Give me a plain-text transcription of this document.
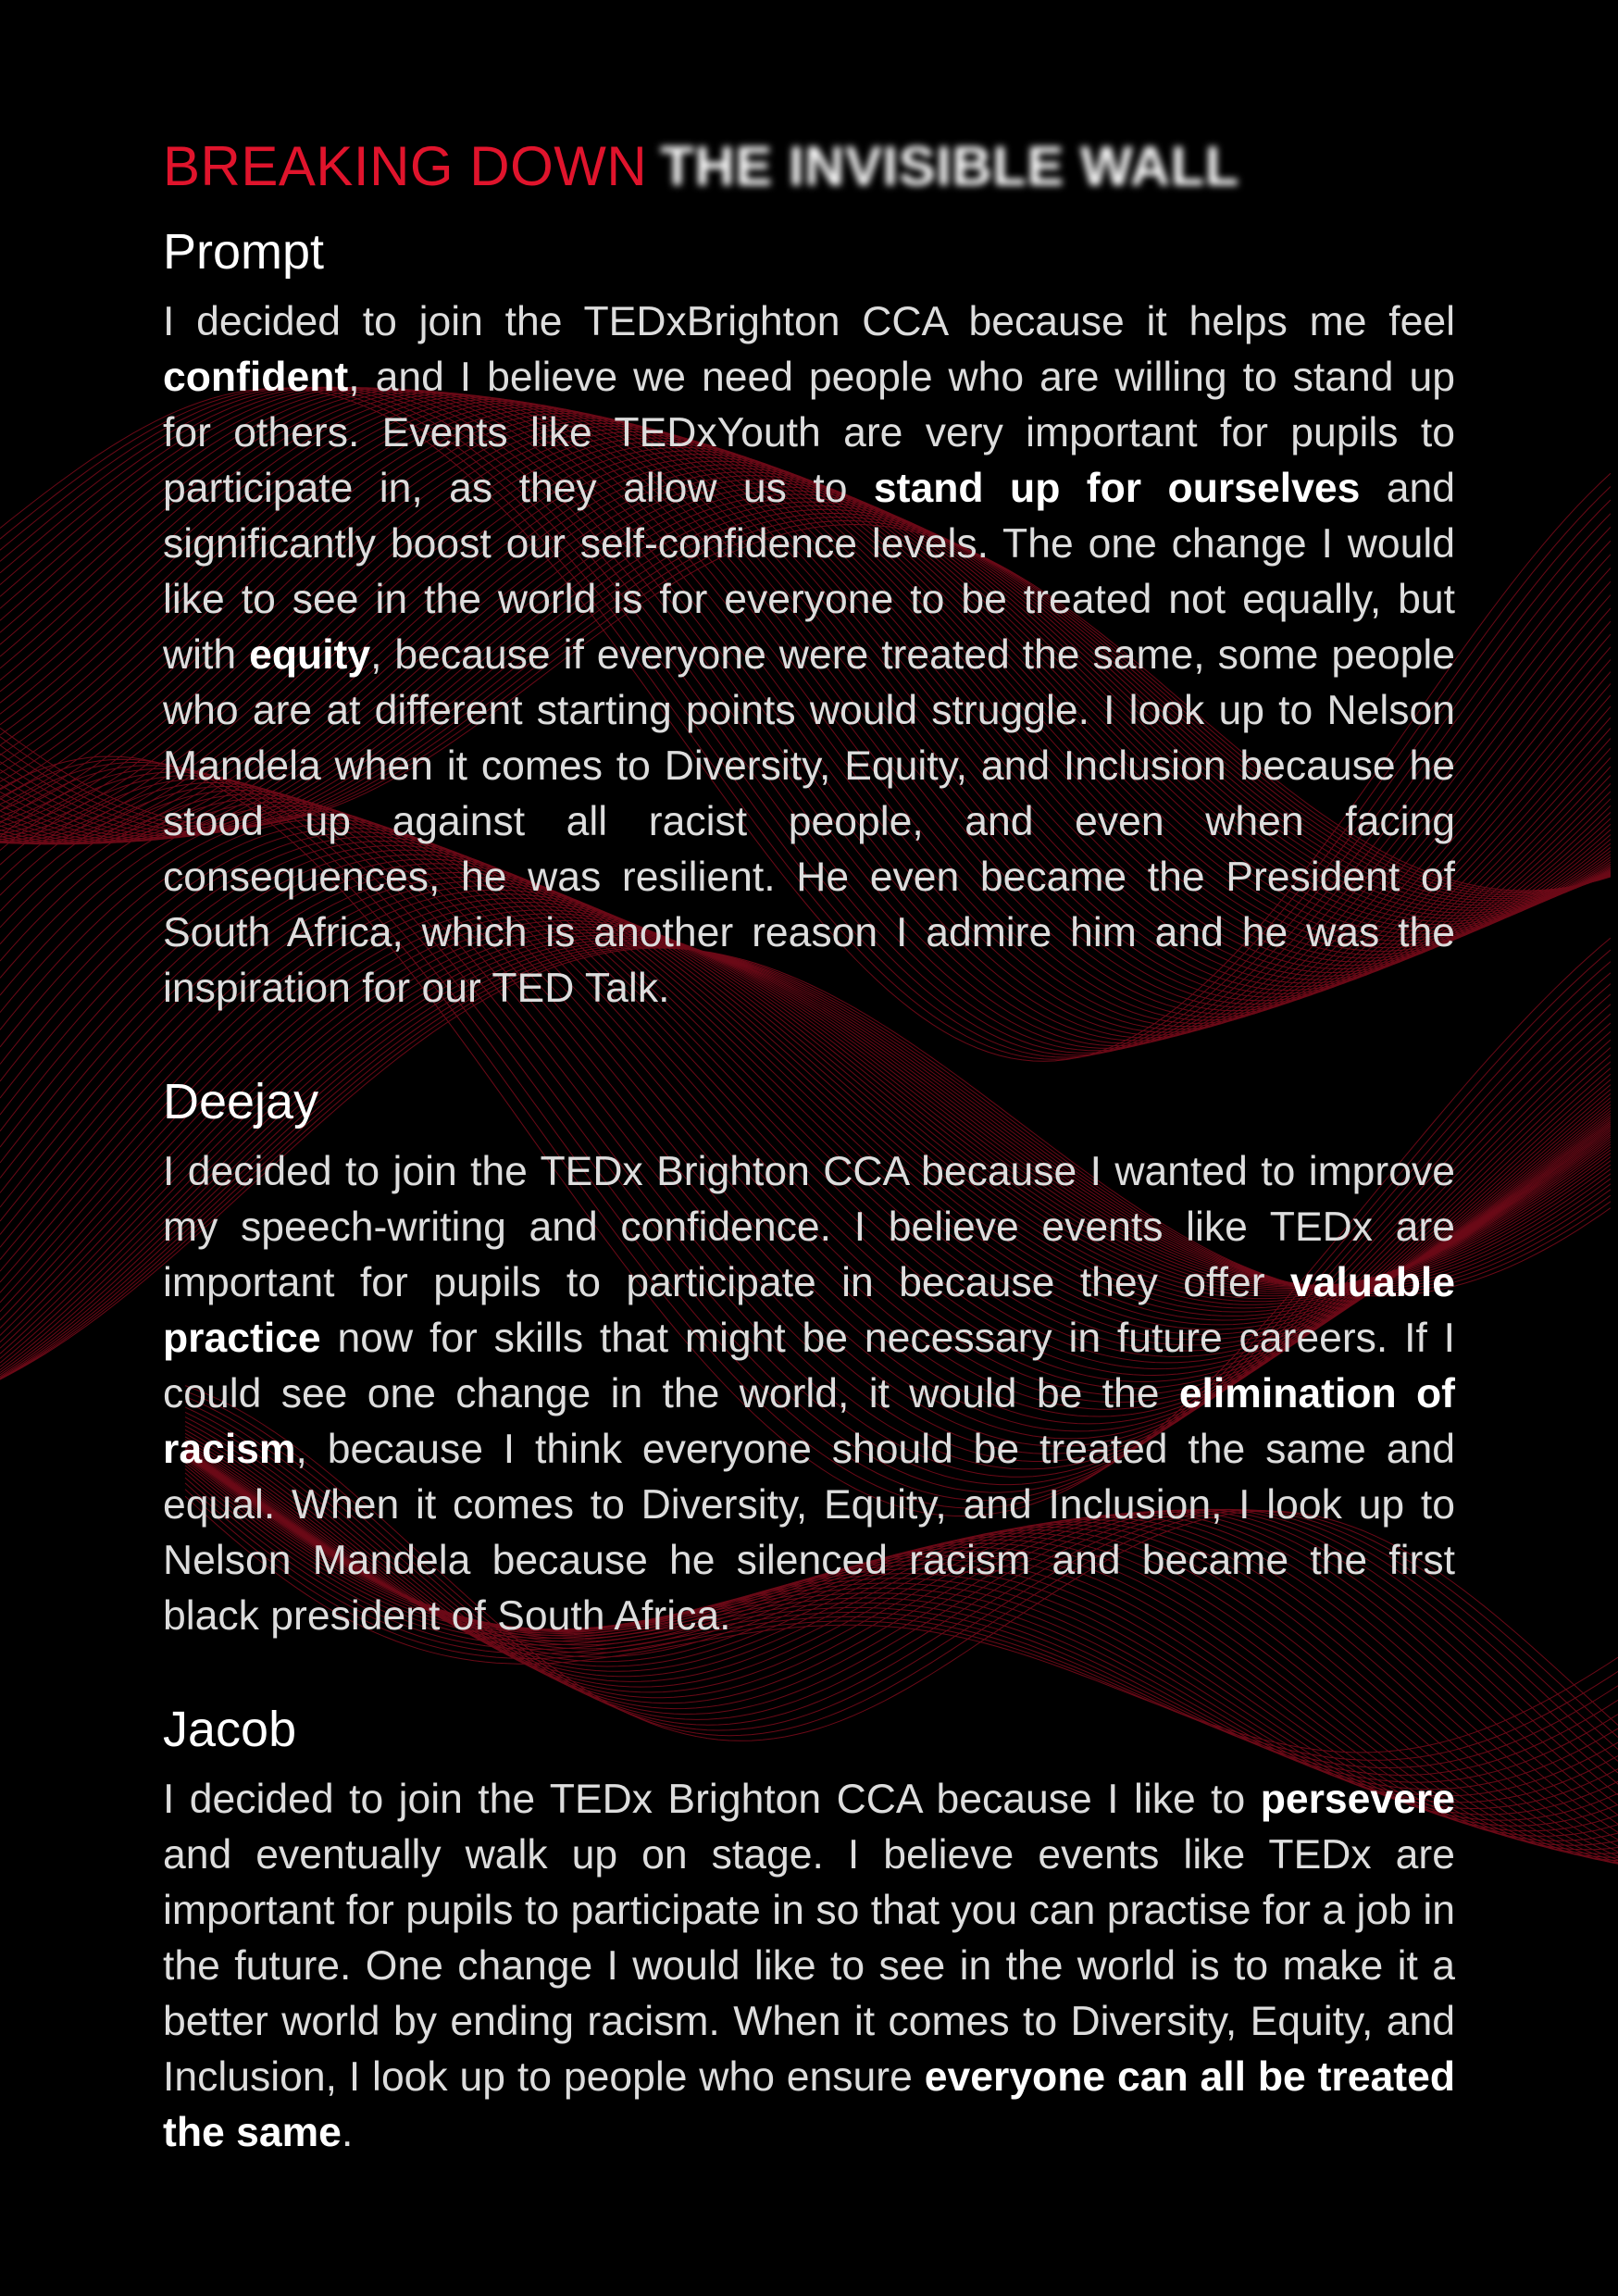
BREAKING DOWN THE INVISIBLE WALL
Prompt

I decided to join the TEDxBrighton CCA because it helps me feel confident, and I believe we need people who are willing to stand up for others. Events like TEDxYouth are very important for pupils to participate in, as they allow us to stand up for ourselves and significantly boost our self-confidence levels. The one change I would like to see in the world is for everyone to be treated not equally, but with equity, because if everyone were treated the same, some people who are at different starting points would struggle. I look up to Nelson Mandela when it comes to Diversity, Equity, and Inclusion because he stood up against all racist people, and even when facing consequences, he was resilient. He even became the President of South Africa, which is another reason I admire him and he was the inspiration for our TED Talk.

Deejay

I decided to join the TEDx Brighton CCA because I wanted to improve my speech-writing and confidence. I believe events like TEDx are important for pupils to participate in because they offer valuable practice now for skills that might be necessary in future careers. If I could see one change in the world, it would be the elimination of racism, because I think everyone should be treated the same and equal. When it comes to Diversity, Equity, and Inclusion, I look up to Nelson Mandela because he silenced racism and became the first black president of South Africa.

Jacob

I decided to join the TEDx Brighton CCA because I like to persevere and eventually walk up on stage. I believe events like TEDx are important for pupils to participate in so that you can practise for a job in the future. One change I would like to see in the world is to make it a better world by ending racism. When it comes to Diversity, Equity, and Inclusion, I look up to people who ensure everyone can all be treated the same.
